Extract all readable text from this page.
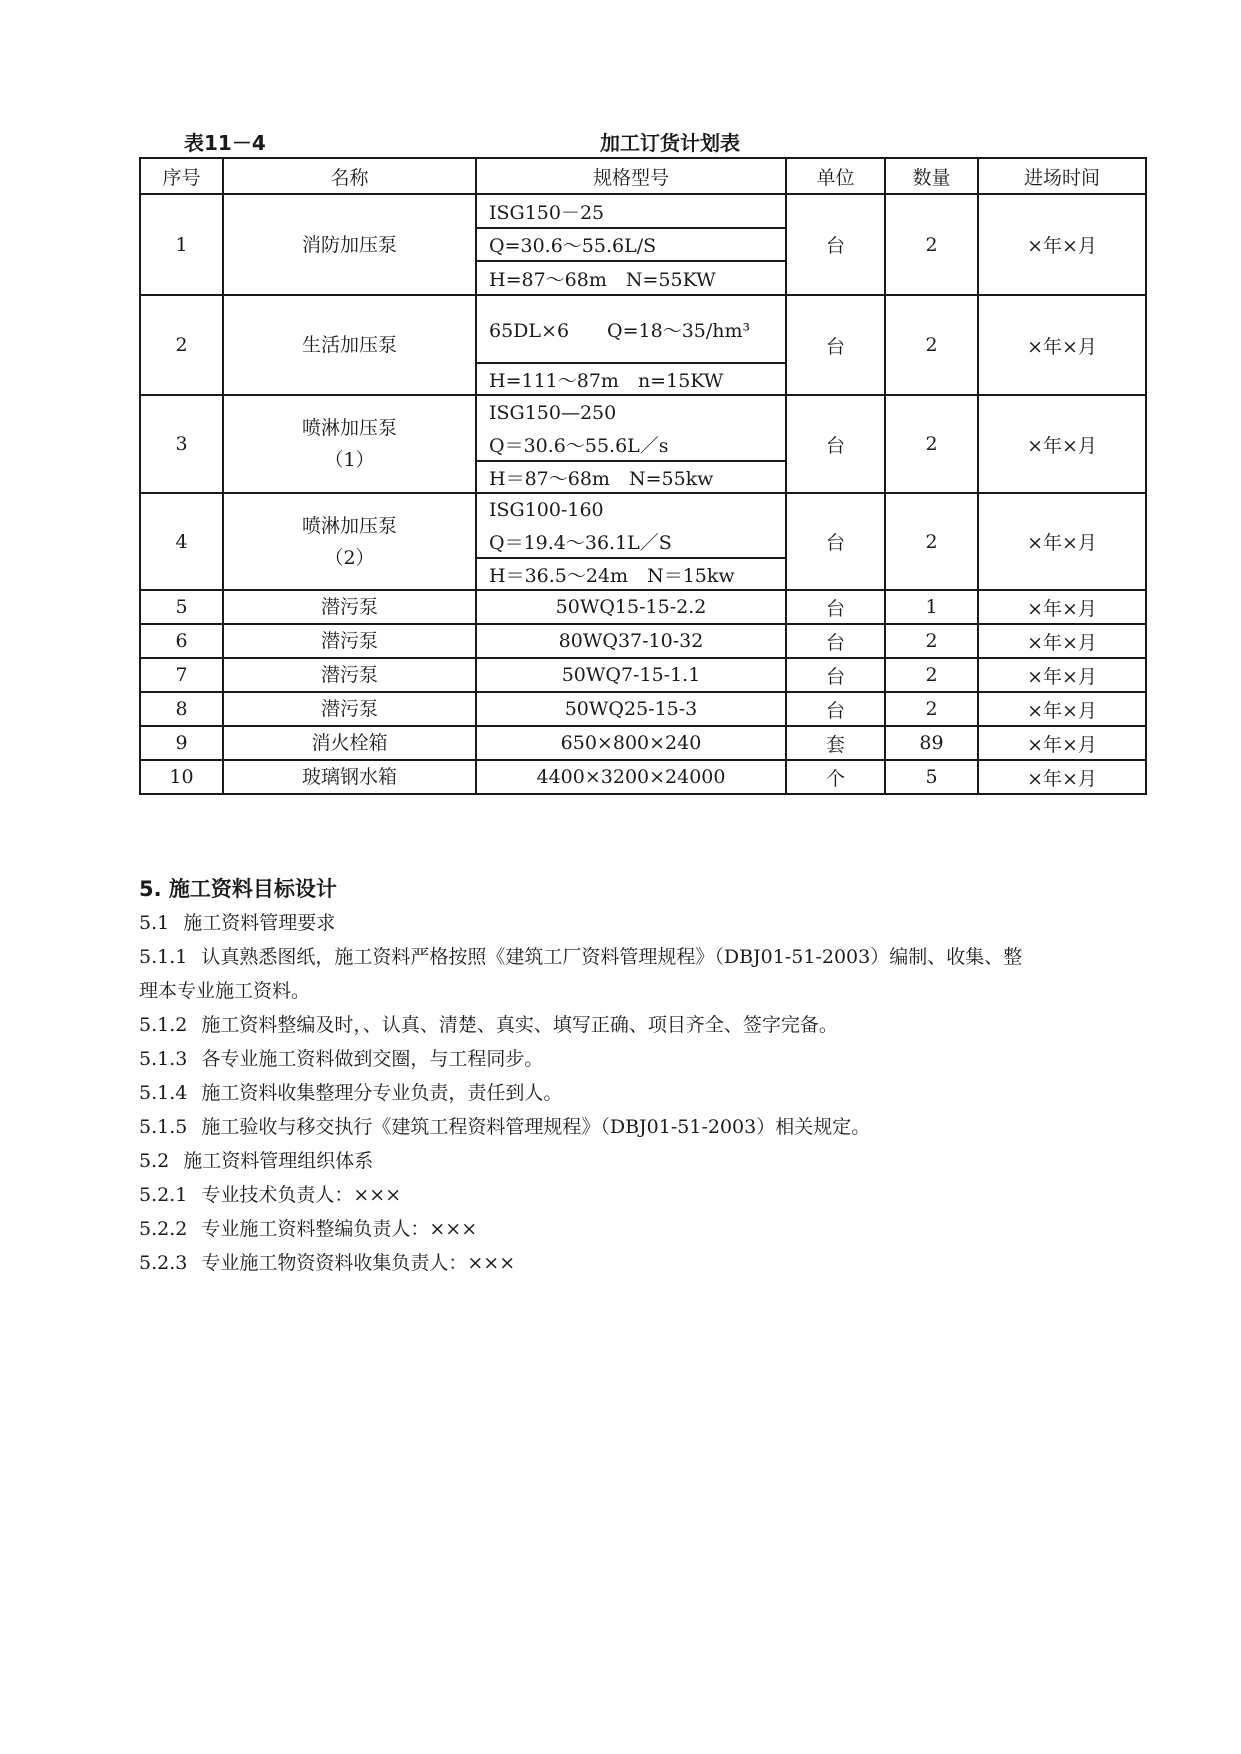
表11－4	加工订货计划表
序号	名称	规格型号	单位	数量	进场时间
1	消防加压泵	ISG150－25	台	2	×年×月
		Q=30.6～55.6L/S			
		H=87～68m　N=55KW			
2	生活加压泵	65DL×6　　Q=18～35/hm³	台	2	×年×月
		H=111～87m　n=15KW			
3	喷淋加压泵
（1）	ISG150—250	台	2	×年×月
		Q＝30.6～55.6L／s			
		H＝87～68m　N=55kw			
4	喷淋加压泵
（2）	ISG100-160	台	2	×年×月
		Q＝19.4～36.1L／S			
		H＝36.5～24m　N＝15kw			
5	潜污泵	50WQ15-15-2.2	台	1	×年×月
6	潜污泵	80WQ37-10-32	台	2	×年×月
7	潜污泵	50WQ7-15-1.1	台	2	×年×月
8	潜污泵	50WQ25-15-3	台	2	×年×月
9	消火栓箱	650×800×240	套	89	×年×月
10	玻璃钢水箱	4400×3200×24000	个	5	×年×月
5. 施工资料目标设计
5.1 施工资料管理要求
5.1.1 认真熟悉图纸，施工资料严格按照《建筑工厂资料管理规程》（DBJ01-51-2003）编制、收集、整
理本专业施工资料。
5.1.2 施工资料整编及时，、认真、清楚、真实、填写正确、项目齐全、签字完备。
5.1.3 各专业施工资料做到交圈，与工程同步。
5.1.4 施工资料收集整理分专业负责，责任到人。
5.1.5 施工验收与移交执行《建筑工程资料管理规程》（DBJ01-51-2003）相关规定。
5.2 施工资料管理组织体系
5.2.1 专业技术负责人：×××
5.2.2 专业施工资料整编负责人：×××
5.2.3 专业施工物资资料收集负责人：×××
